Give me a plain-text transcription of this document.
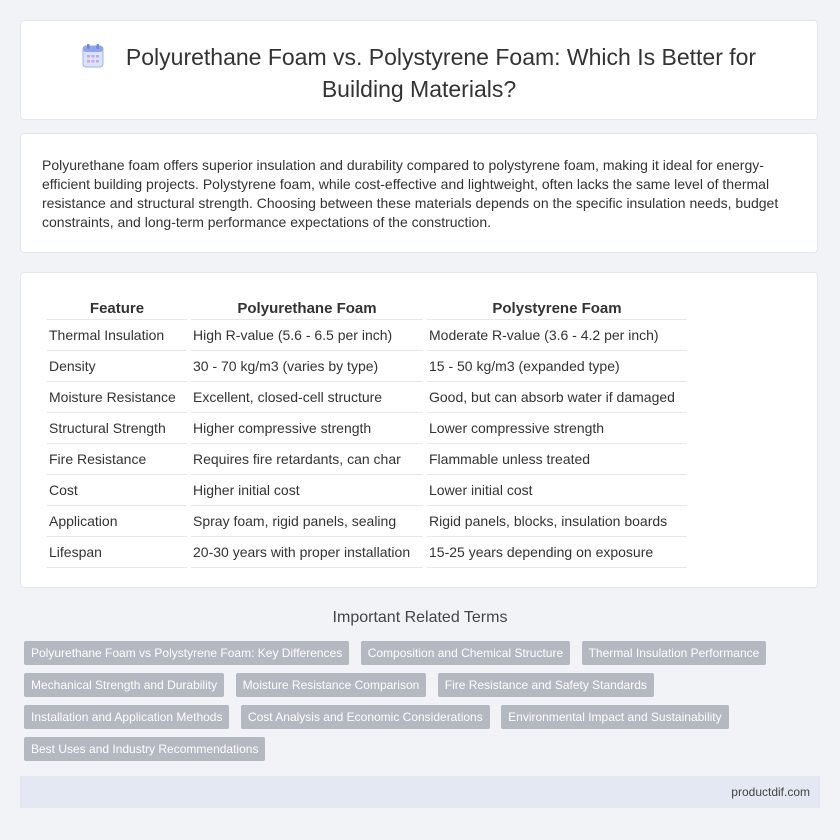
Polyurethane Foam vs. Polystyrene Foam: Which Is Better for Building Materials?
Polyurethane foam offers superior insulation and durability compared to polystyrene foam, making it ideal for energy-efficient building projects. Polystyrene foam, while cost-effective and lightweight, often lacks the same level of thermal resistance and structural strength. Choosing between these materials depends on the specific insulation needs, budget constraints, and long-term performance expectations of the construction.
Feature	Polyurethane Foam	Polystyrene Foam
Thermal Insulation	High R-value (5.6 - 6.5 per inch)	Moderate R-value (3.6 - 4.2 per inch)
Density	30 - 70 kg/m3 (varies by type)	15 - 50 kg/m3 (expanded type)
Moisture Resistance	Excellent, closed-cell structure	Good, but can absorb water if damaged
Structural Strength	Higher compressive strength	Lower compressive strength
Fire Resistance	Requires fire retardants, can char	Flammable unless treated
Cost	Higher initial cost	Lower initial cost
Application	Spray foam, rigid panels, sealing	Rigid panels, blocks, insulation boards
Lifespan	20-30 years with proper installation	15-25 years depending on exposure
Important Related Terms
Polyurethane Foam vs Polystyrene Foam: Key Differences Composition and Chemical Structure Thermal Insulation Performance Mechanical Strength and Durability Moisture Resistance Comparison Fire Resistance and Safety Standards Installation and Application Methods Cost Analysis and Economic Considerations Environmental Impact and Sustainability Best Uses and Industry Recommendations
productdif.com
